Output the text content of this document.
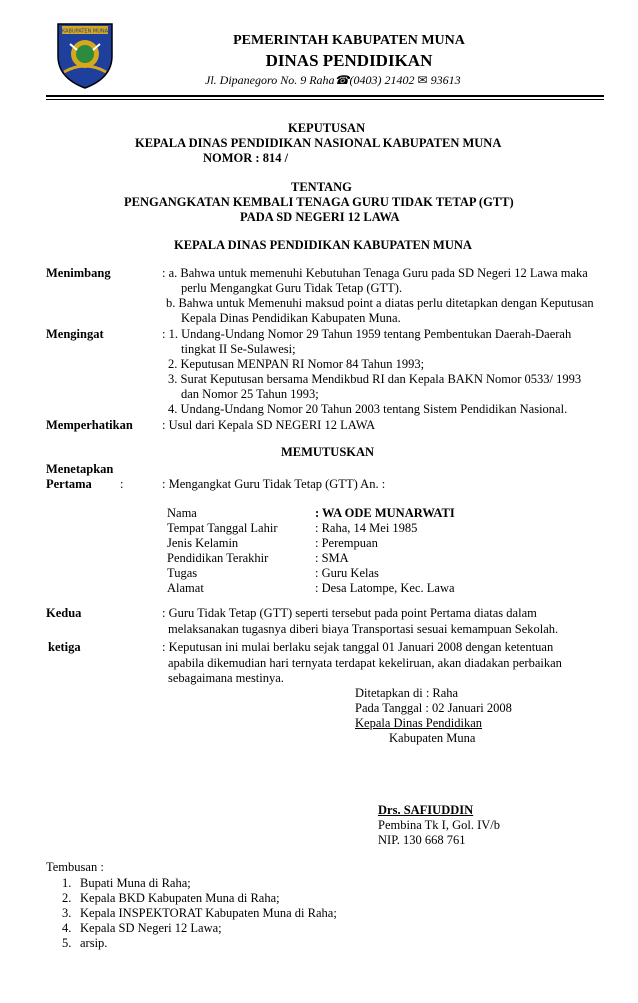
KABUPATEN MUNA
PEMERINTAH KABUPATEN MUNA
DINAS PENDIDIKAN
Jl. Dipanegoro No. 9 Raha☎(0403) 21402 ✉ 93613
KEPUTUSAN
KEPALA DINAS PENDIDIKAN NASIONAL KABUPATEN MUNA
NOMOR : 814 /
TENTANG
PENGANGKATAN KEMBALI TENAGA GURU TIDAK TETAP (GTT)
PADA SD NEGERI 12 LAWA
KEPALA DINAS PENDIDIKAN KABUPATEN MUNA
Menimbang	: a. Bahwa untuk memenuhi Kebutuhan Tenaga Guru pada SD Negeri 12 Lawa maka
perlu Mengangkat Guru Tidak Tetap (GTT).
b. Bahwa untuk Memenuhi maksud point a diatas perlu ditetapkan dengan Keputusan
Kepala Dinas Pendidikan Kabupaten Muna.
Mengingat	: 1. Undang-Undang Nomor 29 Tahun 1959 tentang Pembentukan Daerah-Daerah
tingkat II Se-Sulawesi;
2. Keputusan MENPAN RI Nomor 84 Tahun 1993;
3. Surat Keputusan bersama Mendikbud RI dan Kepala BAKN Nomor 0533/ 1993
dan Nomor 25 Tahun 1993;
4. Undang-Undang Nomor 20 Tahun 2003 tentang Sistem Pendidikan Nasional.
Memperhatikan : Usul dari Kepala SD NEGERI 12 LAWA
MEMUTUSKAN
Menetapkan
Pertama :	: Mengangkat Guru Tidak Tetap (GTT) An. :
Nama	: WA ODE MUNARWATI
Tempat Tanggal Lahir	: Raha, 14 Mei 1985
Jenis Kelamin	: Perempuan
Pendidikan Terakhir	: SMA
Tugas	: Guru Kelas
Alamat	: Desa Latompe, Kec. Lawa
Kedua	: Guru Tidak Tetap (GTT) seperti tersebut pada point Pertama diatas dalam
melaksanakan tugasnya diberi biaya Transportasi sesuai kemampuan Sekolah.
ketiga	: Keputusan ini mulai berlaku sejak tanggal 01 Januari 2008 dengan ketentuan
apabila dikemudian hari ternyata terdapat kekeliruan, akan diadakan perbaikan
sebagaimana mestinya.
Ditetapkan di : Raha
Pada Tanggal : 02 Januari 2008
Kepala Dinas Pendidikan
Kabupaten Muna
Drs. SAFIUDDIN
Pembina Tk I, Gol. IV/b
NIP. 130 668 761
Tembusan :
1. Bupati Muna di Raha;
2. Kepala BKD Kabupaten Muna di Raha;
3. Kepala INSPEKTORAT Kabupaten Muna di Raha;
4. Kepala SD Negeri 12 Lawa;
5. arsip.
